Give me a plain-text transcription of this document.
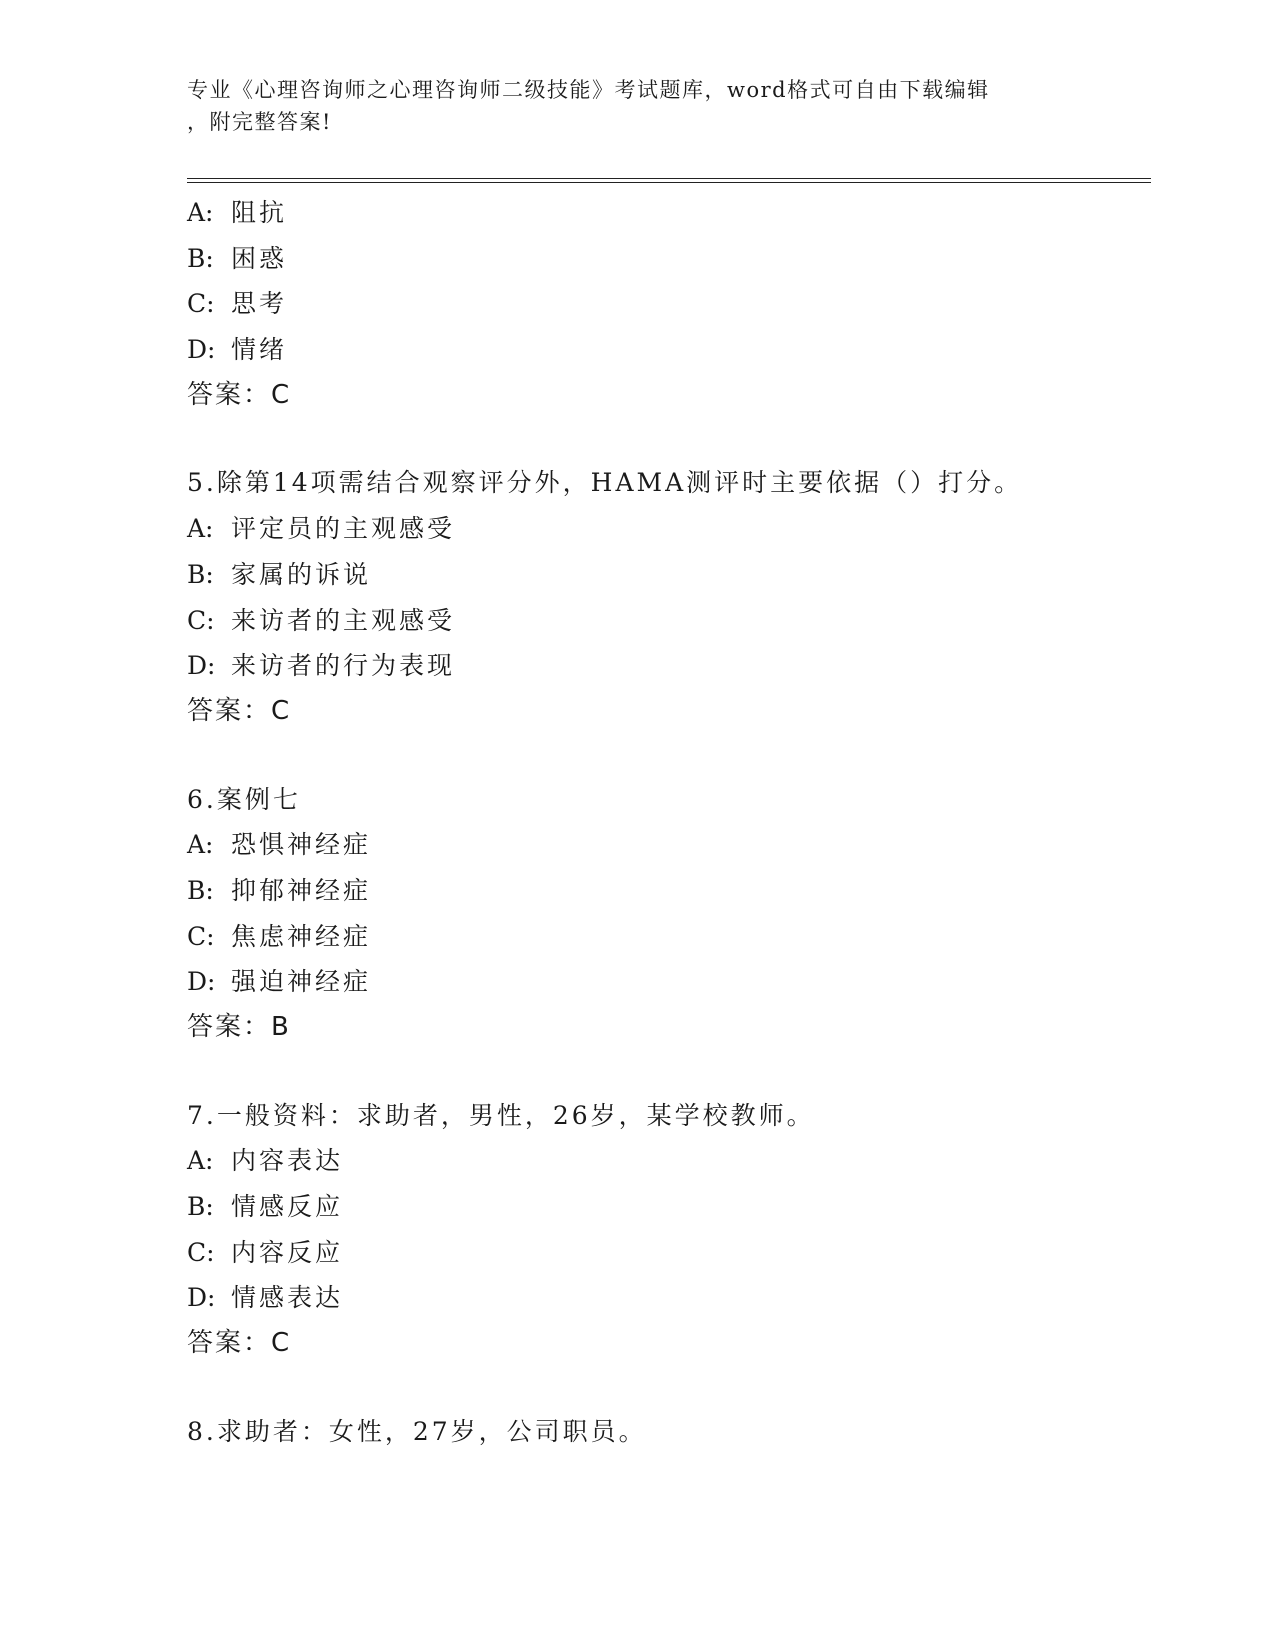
专业《心理咨询师之心理咨询师二级技能》考试题库，word格式可自由下载编辑
，附完整答案!
A: 阻抗
B: 困惑
C: 思考
D: 情绪
答案：C
5.除第14项需结合观察评分外，HAMA测评时主要依据（）打分。
A: 评定员的主观感受
B: 家属的诉说
C: 来访者的主观感受
D: 来访者的行为表现
答案：C
6.案例七
A: 恐惧神经症
B: 抑郁神经症
C: 焦虑神经症
D: 强迫神经症
答案：B
7.一般资料：求助者，男性，26岁，某学校教师。
A: 内容表达
B: 情感反应
C: 内容反应
D: 情感表达
答案：C
8.求助者：女性，27岁，公司职员。
